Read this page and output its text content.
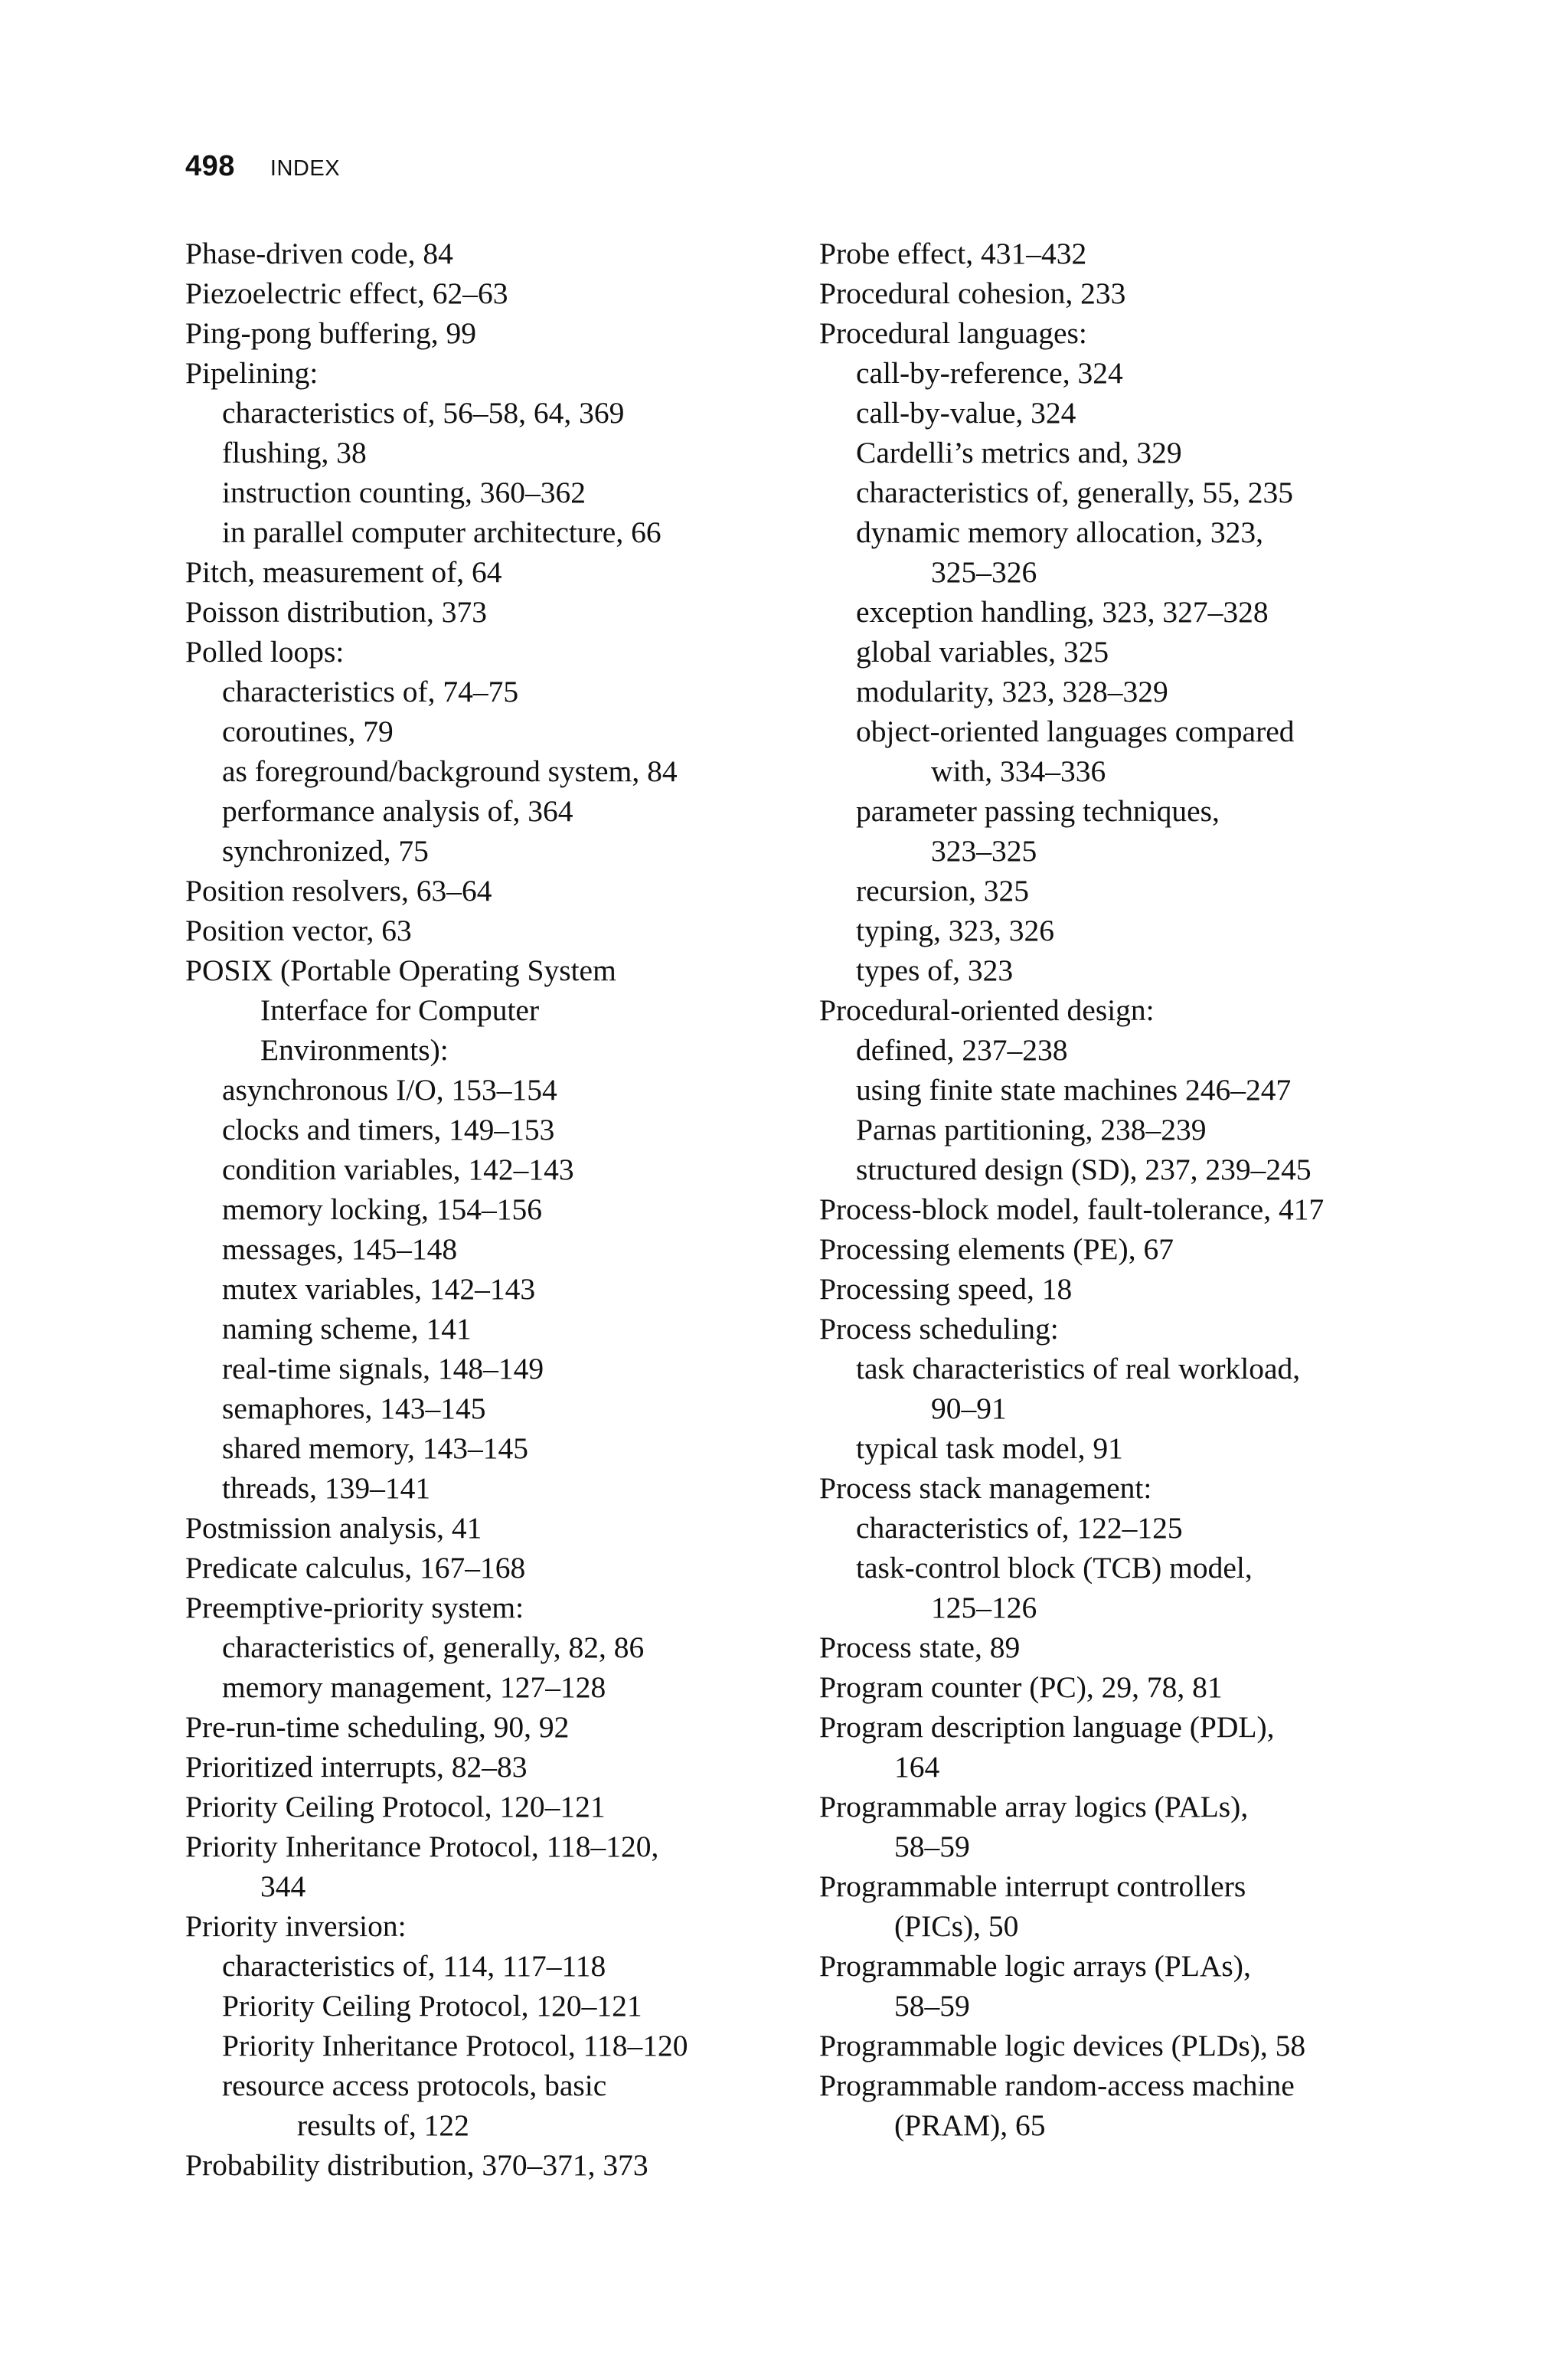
498 INDEX
Phase-driven code, 84
Piezoelectric effect, 62–63
Ping-pong buffering, 99
Pipelining:
characteristics of, 56–58, 64, 369
flushing, 38
instruction counting, 360–362
in parallel computer architecture, 66
Pitch, measurement of, 64
Poisson distribution, 373
Polled loops:
characteristics of, 74–75
coroutines, 79
as foreground/background system, 84
performance analysis of, 364
synchronized, 75
Position resolvers, 63–64
Position vector, 63
POSIX (Portable Operating System
Interface for Computer
Environments):
asynchronous I/O, 153–154
clocks and timers, 149–153
condition variables, 142–143
memory locking, 154–156
messages, 145–148
mutex variables, 142–143
naming scheme, 141
real-time signals, 148–149
semaphores, 143–145
shared memory, 143–145
threads, 139–141
Postmission analysis, 41
Predicate calculus, 167–168
Preemptive-priority system:
characteristics of, generally, 82, 86
memory management, 127–128
Pre-run-time scheduling, 90, 92
Prioritized interrupts, 82–83
Priority Ceiling Protocol, 120–121
Priority Inheritance Protocol, 118–120,
344
Priority inversion:
characteristics of, 114, 117–118
Priority Ceiling Protocol, 120–121
Priority Inheritance Protocol, 118–120
resource access protocols, basic
results of, 122
Probability distribution, 370–371, 373
Probe effect, 431–432
Procedural cohesion, 233
Procedural languages:
call-by-reference, 324
call-by-value, 324
Cardelli’s metrics and, 329
characteristics of, generally, 55, 235
dynamic memory allocation, 323,
325–326
exception handling, 323, 327–328
global variables, 325
modularity, 323, 328–329
object-oriented languages compared
with, 334–336
parameter passing techniques,
323–325
recursion, 325
typing, 323, 326
types of, 323
Procedural-oriented design:
defined, 237–238
using finite state machines 246–247
Parnas partitioning, 238–239
structured design (SD), 237, 239–245
Process-block model, fault-tolerance, 417
Processing elements (PE), 67
Processing speed, 18
Process scheduling:
task characteristics of real workload,
90–91
typical task model, 91
Process stack management:
characteristics of, 122–125
task-control block (TCB) model,
125–126
Process state, 89
Program counter (PC), 29, 78, 81
Program description language (PDL),
164
Programmable array logics (PALs),
58–59
Programmable interrupt controllers
(PICs), 50
Programmable logic arrays (PLAs),
58–59
Programmable logic devices (PLDs), 58
Programmable random-access machine
(PRAM), 65
